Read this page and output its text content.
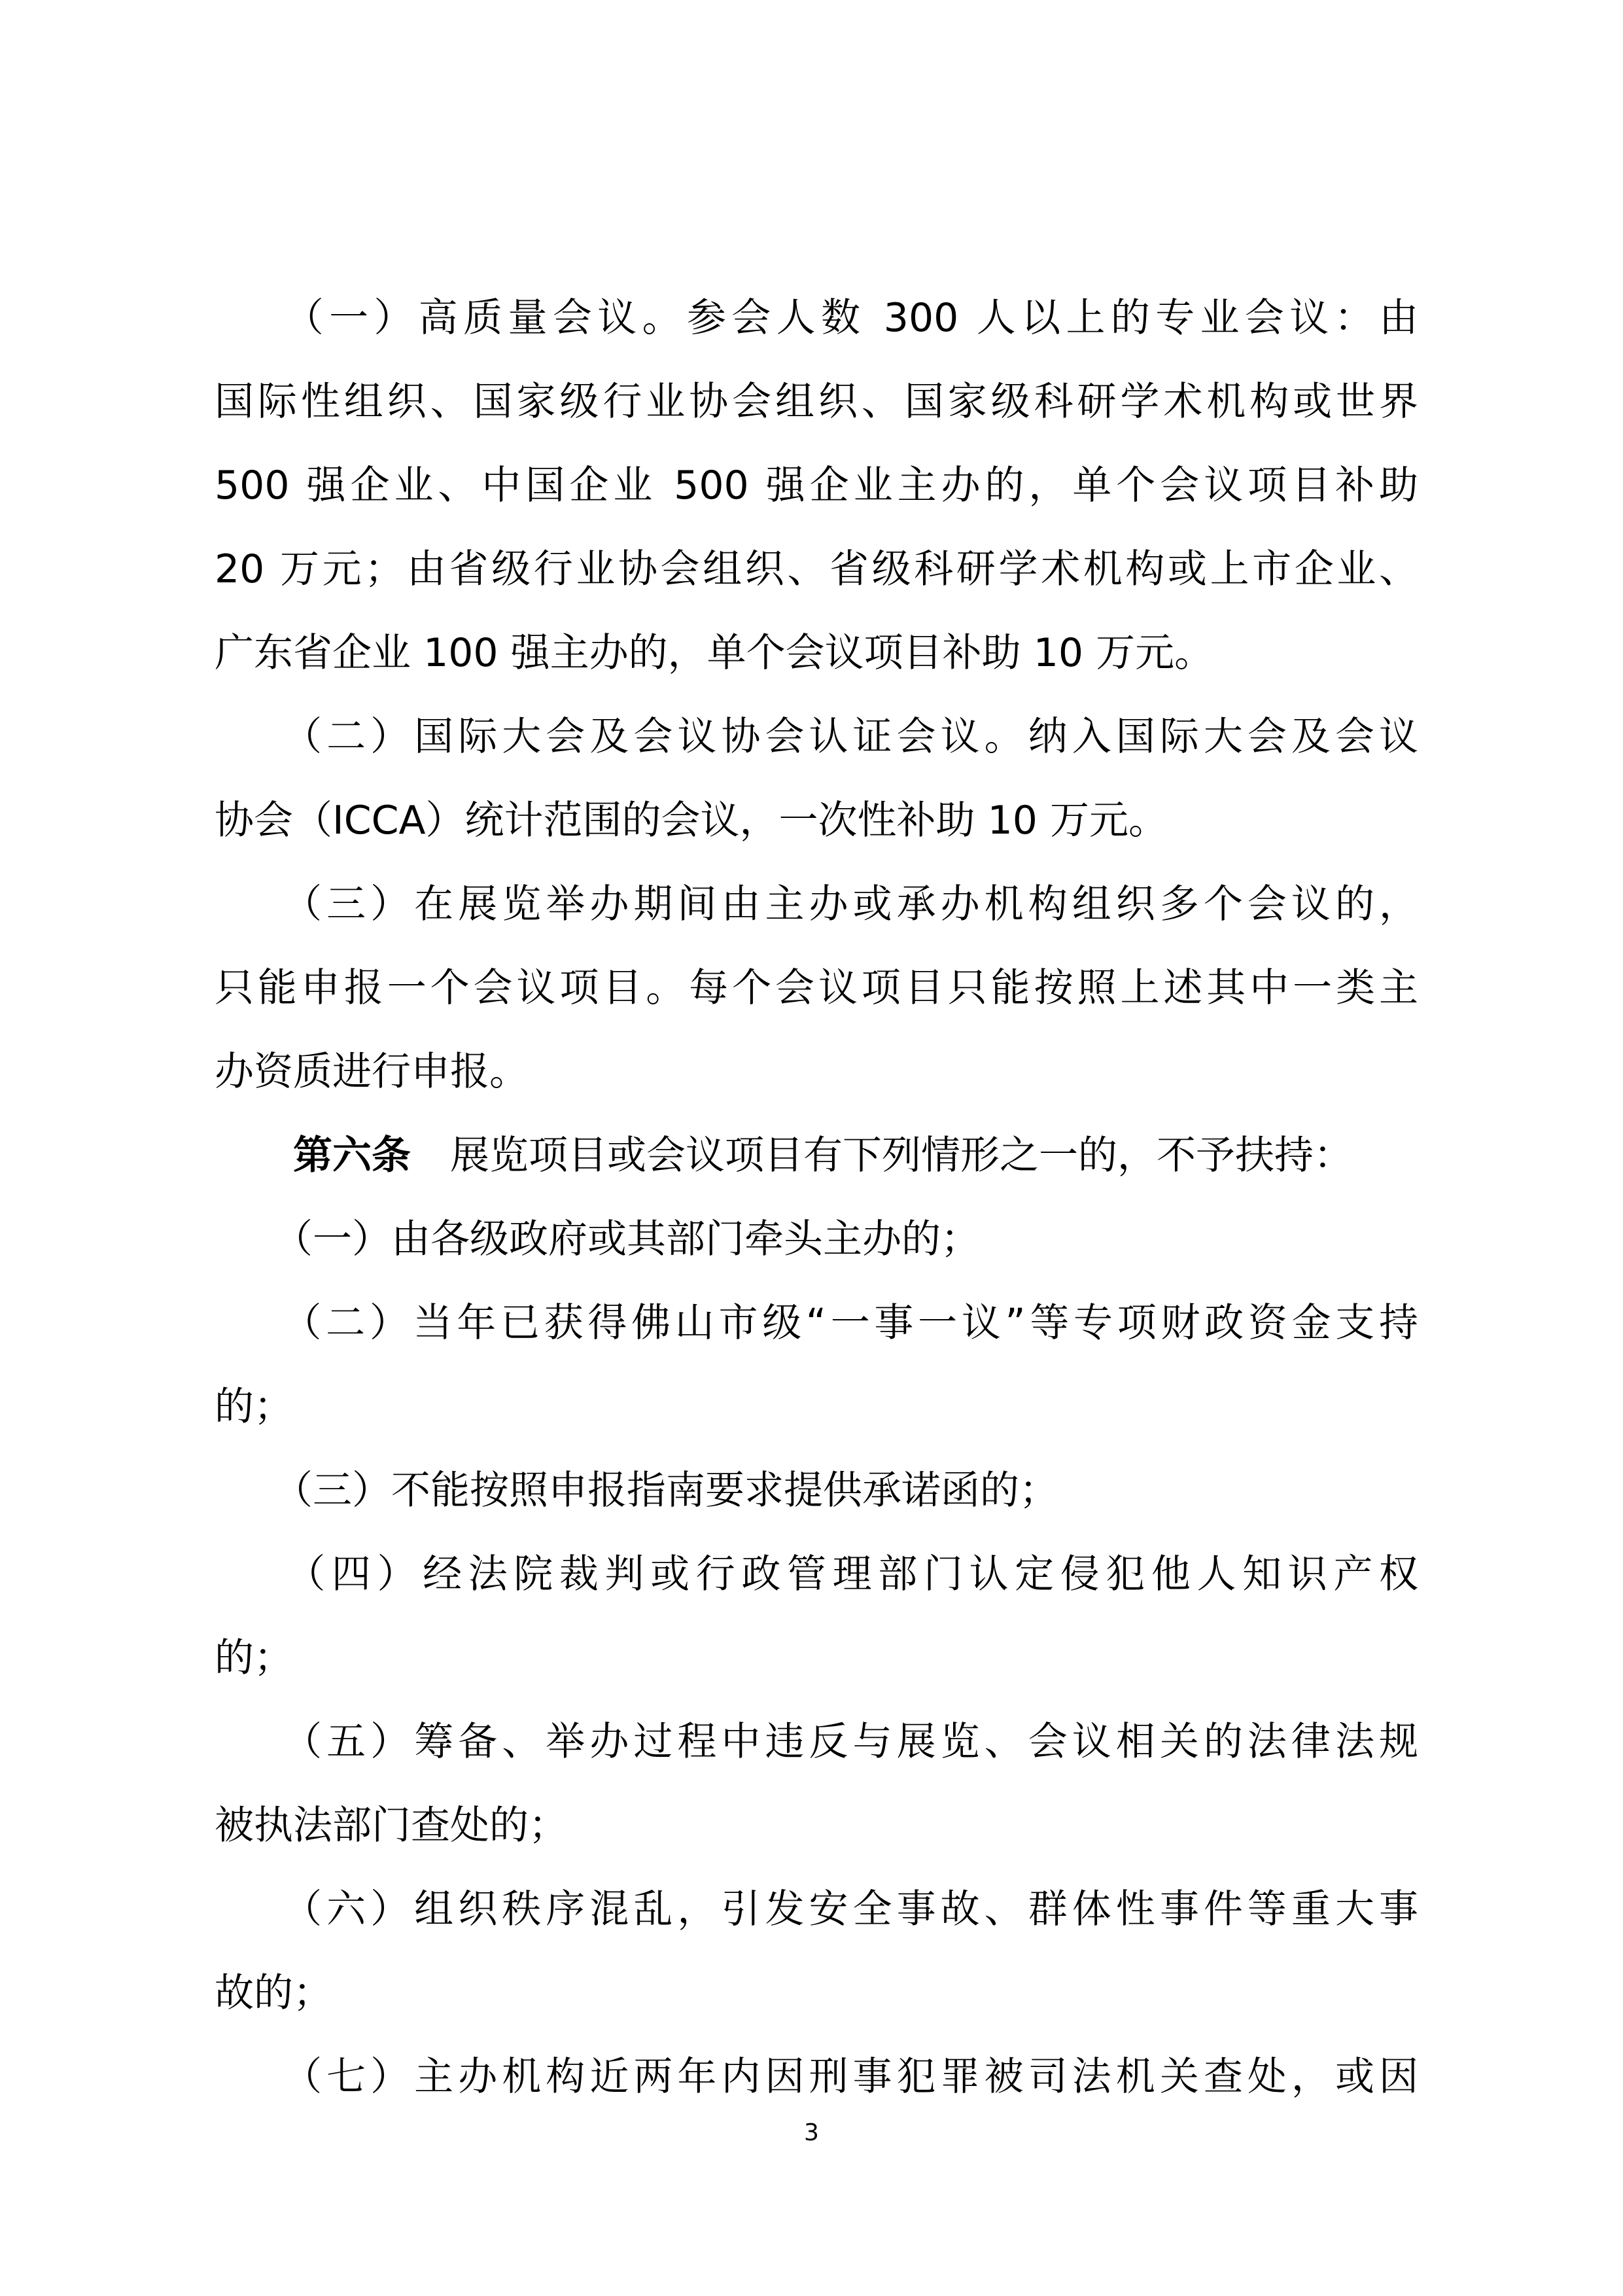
　　（一）高质量会议。参会人数 300 人以上的专业会议：由
国际性组织、国家级行业协会组织、国家级科研学术机构或世界
500 强企业、中国企业 500 强企业主办的，单个会议项目补助
20 万元；由省级行业协会组织、省级科研学术机构或上市企业、
广东省企业 100 强主办的，单个会议项目补助 10 万元。
　　（二）国际大会及会议协会认证会议。纳入国际大会及会议
协会（ICCA）统计范围的会议，一次性补助 10 万元。
　　（三）在展览举办期间由主办或承办机构组织多个会议的，
只能申报一个会议项目。每个会议项目只能按照上述其中一类主
办资质进行申报。
　　第六条　 展览项目或会议项目有下列情形之一的，不予扶持：
　　（一）由各级政府或其部门牵头主办的；
　　（二）当年已获得佛山市级“一事一议”等专项财政资金支持
的；
　　（三）不能按照申报指南要求提供承诺函的；
　　（四）经法院裁判或行政管理部门认定侵犯他人知识产权
的；
　　（五）筹备、举办过程中违反与展览、会议相关的法律法规
被执法部门查处的；
　　（六）组织秩序混乱，引发安全事故、群体性事件等重大事
故的；
　　（七）主办机构近两年内因刑事犯罪被司法机关查处，或因
3
